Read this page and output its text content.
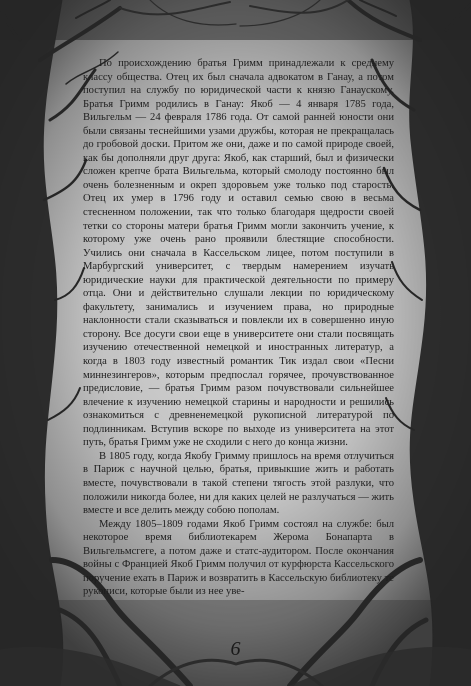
По происхождению братья Гримм принадлежали к среднему классу общества. Отец их был сначала адвокатом в Ганау, а потом поступил на службу по юридической части к князю Ганаускому. Братья Гримм родились в Ганау: Якоб — 4 января 1785 года, Вильгельм — 24 февраля 1786 года. От самой ранней юности они были связаны теснейшими узами дружбы, которая не прекращалась до гробовой доски. Притом же они, даже и по самой природе своей, как бы дополняли друг друга: Якоб, как старший, был и физически сложен крепче брата Вильгельма, который смолоду постоянно был очень болезненным и окреп здоровьем уже только под старость. Отец их умер в 1796 году и оставил семью свою в весьма стесненном положении, так что только благодаря щедрости своей тетки со стороны матери братья Гримм могли закончить учение, к которому уже очень рано проявили блестящие способности. Учились они сначала в Кассельском лицее, потом поступили в Марбургский университет, с твердым намерением изучать юридические науки для практической деятельности по примеру отца. Они и действительно слушали лекции по юридическому факультету, занимались и изучением права, но природные наклонности стали сказываться и повлекли их в совершенно иную сторону. Все досуги свои еще в университете они стали посвящать изучению отечественной немецкой и иностранных литератур, а когда в 1803 году известный романтик Тик издал свои «Песни миннезингеров», которым предпослал горячее, прочувствованное предисловие, — братья Гримм разом почувствовали сильнейшее влечение к изучению немецкой старины и народности и решились ознакомиться с древненемецкой рукописной литературой по подлинникам. Вступив вскоре по выходе из университета на этот путь, братья Гримм уже не сходили с него до конца жизни.

В 1805 году, когда Якобу Гримму пришлось на время отлучиться в Париж с научной целью, братья, привыкшие жить и работать вместе, почувствовали в такой степени тягость этой разлуки, что положили никогда более, ни для каких целей не разлучаться — жить вместе и все делить между собою пополам.

Между 1805–1809 годами Якоб Гримм состоял на службе: был некоторое время библиотекарем Жерома Бонапарта в Вильгельмсгеге, а потом даже и статс-аудитором. После окончания войны с Францией Якоб Гримм получил от курфюрста Кассельского поручение ехать в Париж и возвратить в Кассельскую библиотеку те рукописи, которые были из нее уве-

6
